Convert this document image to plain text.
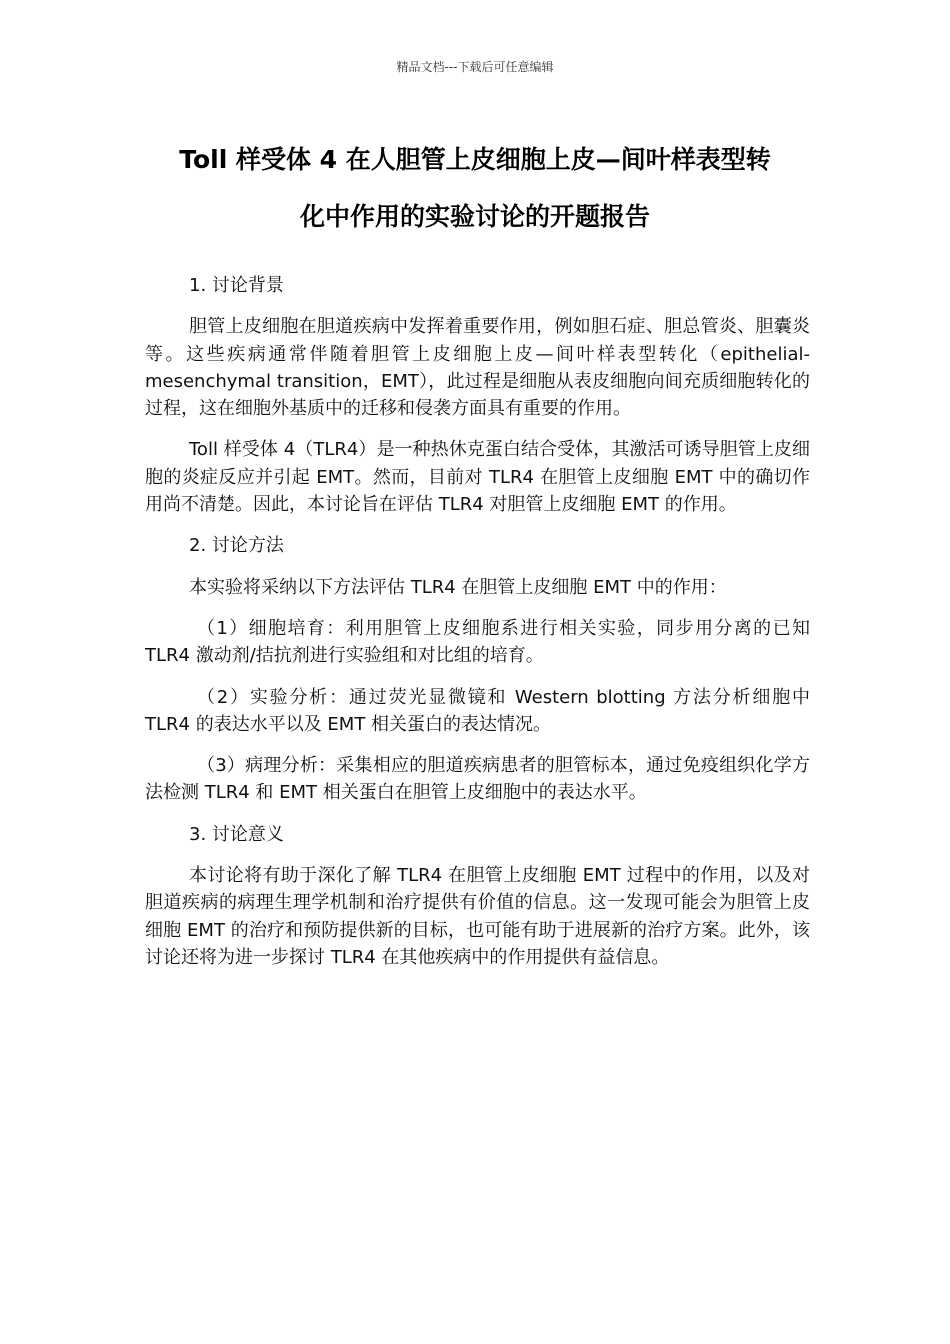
精品文档---下载后可任意编辑
Toll 样受体 4 在人胆管上皮细胞上皮—间叶样表型转
化中作用的实验讨论的开题报告
1. 讨论背景
胆管上皮细胞在胆道疾病中发挥着重要作用，例如胆石症、胆总管炎、胆囊炎等。这些疾病通常伴随着胆管上皮细胞上皮—间叶样表型转化（epithelial-mesenchymal transition，EMT），此过程是细胞从表皮细胞向间充质细胞转化的过程，这在细胞外基质中的迁移和侵袭方面具有重要的作用。
Toll 样受体 4（TLR4）是一种热休克蛋白结合受体，其激活可诱导胆管上皮细胞的炎症反应并引起 EMT。然而，目前对 TLR4 在胆管上皮细胞 EMT 中的确切作用尚不清楚。因此，本讨论旨在评估 TLR4 对胆管上皮细胞 EMT 的作用。
2. 讨论方法
本实验将采纳以下方法评估 TLR4 在胆管上皮细胞 EMT 中的作用：
（1）细胞培育：利用胆管上皮细胞系进行相关实验，同步用分离的已知 TLR4 激动剂/拮抗剂进行实验组和对比组的培育。
（2）实验分析：通过荧光显微镜和 Western blotting 方法分析细胞中 TLR4 的表达水平以及 EMT 相关蛋白的表达情况。
（3）病理分析：采集相应的胆道疾病患者的胆管标本，通过免疫组织化学方法检测 TLR4 和 EMT 相关蛋白在胆管上皮细胞中的表达水平。
3. 讨论意义
本讨论将有助于深化了解 TLR4 在胆管上皮细胞 EMT 过程中的作用，以及对胆道疾病的病理生理学机制和治疗提供有价值的信息。这一发现可能会为胆管上皮细胞 EMT 的治疗和预防提供新的目标，也可能有助于进展新的治疗方案。此外，该讨论还将为进一步探讨 TLR4 在其他疾病中的作用提供有益信息。
